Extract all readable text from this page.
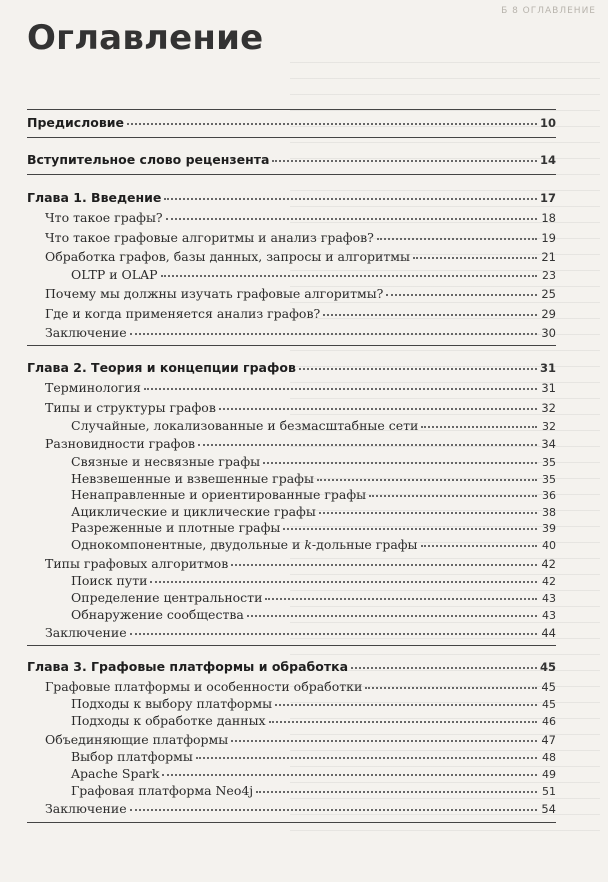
Б 8 ОГЛАВЛЕНИЕ
Оглавление
Предисловие	10
Вступительное слово рецензента	14
Глава 1. Введение	17
Что такое графы?	18
Что такое графовые алгоритмы и анализ графов?	19
Обработка графов, базы данных, запросы и алгоритмы	21
OLTP и OLAP	23
Почему мы должны изучать графовые алгоритмы?	25
Где и когда применяется анализ графов?	29
Заключение	30
Глава 2. Теория и концепции графов	31
Терминология	31
Типы и структуры графов	32
Случайные, локализованные и безмасштабные сети	32
Разновидности графов	34
Связные и несвязные графы	35
Невзвешенные и взвешенные графы	35
Ненаправленные и ориентированные графы	36
Ациклические и циклические графы	38
Разреженные и плотные графы	39
Однокомпонентные, двудольные и k-дольные графы	40
Типы графовых алгоритмов	42
Поиск пути	42
Определение центральности	43
Обнаружение сообщества	43
Заключение	44
Глава 3. Графовые платформы и обработка	45
Графовые платформы и особенности обработки	45
Подходы к выбору платформы	45
Подходы к обработке данных	46
Объединяющие платформы	47
Выбор платформы	48
Apache Spark	49
Графовая платформа Neo4j	51
Заключение	54
